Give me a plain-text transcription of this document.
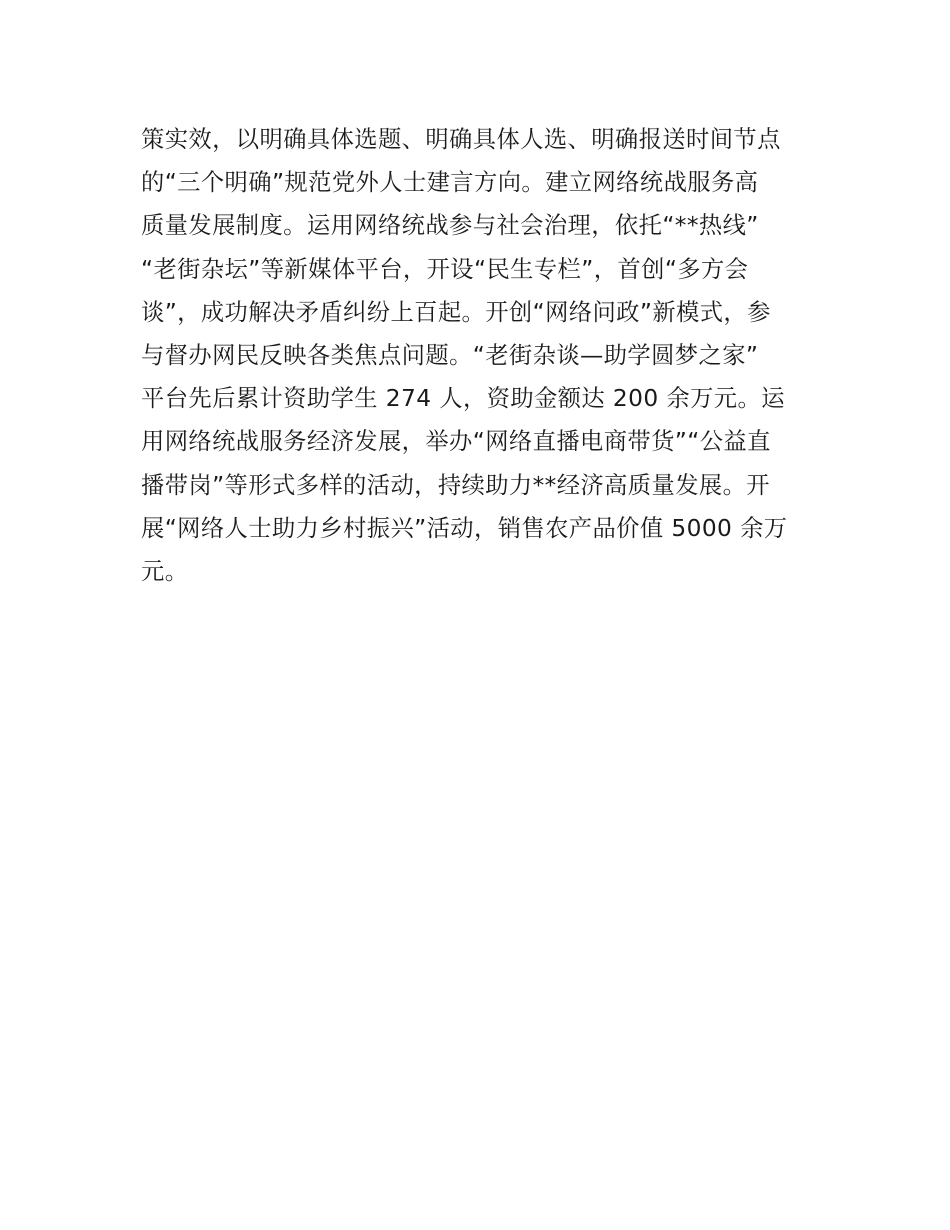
策实效，以明确具体选题、明确具体人选、明确报送时间节点
的“三个明确”规范党外人士建言方向。建立网络统战服务高
质量发展制度。运用网络统战参与社会治理，依托“**热线”
“老街杂坛”等新媒体平台，开设“民生专栏”，首创“多方会
谈”，成功解决矛盾纠纷上百起。开创“网络问政”新模式，参
与督办网民反映各类焦点问题。“老街杂谈—助学圆梦之家”
平台先后累计资助学生 274 人，资助金额达 200 余万元。运
用网络统战服务经济发展，举办“网络直播电商带货”“公益直
播带岗”等形式多样的活动，持续助力**经济高质量发展。开
展“网络人士助力乡村振兴”活动，销售农产品价值 5000 余万
元。
